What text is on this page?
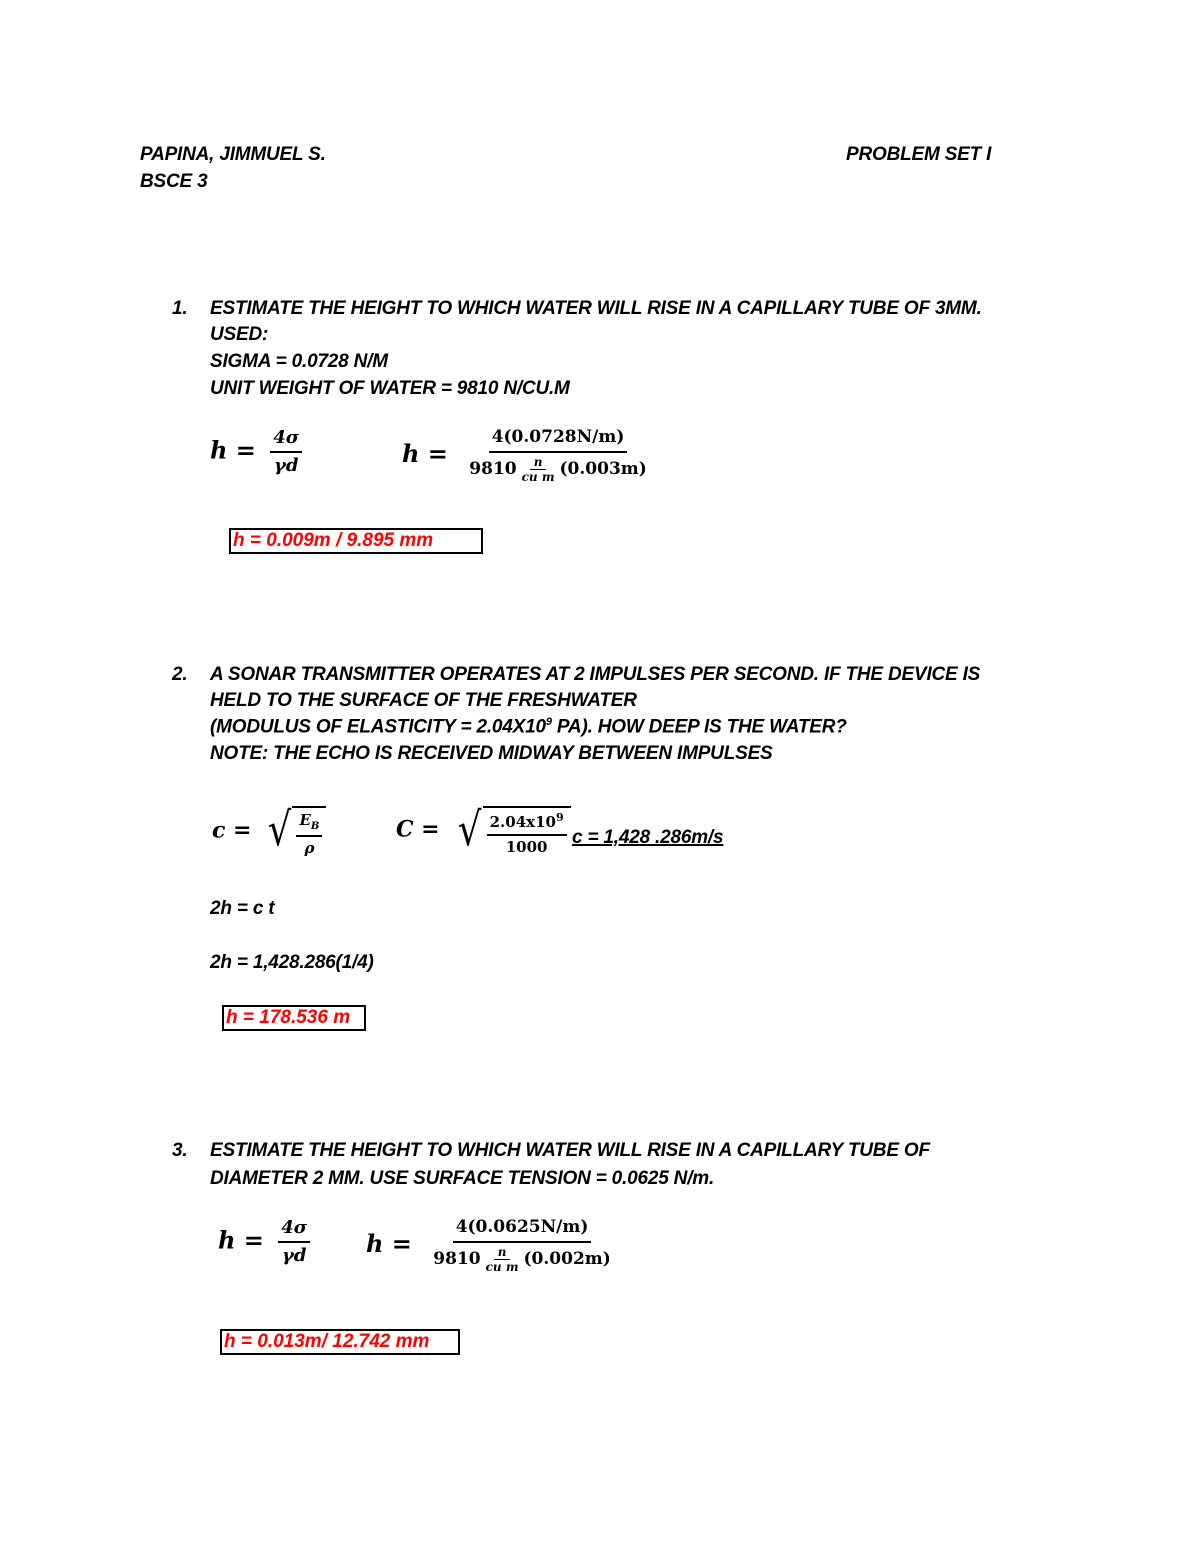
PAPINA, JIMMUEL S.
BSCE 3
PROBLEM SET I
1. ESTIMATE THE HEIGHT TO WHICH WATER WILL RISE IN A CAPILLARY TUBE OF 3MM.
USED:
SIGMA = 0.0728 N/M
UNIT WEIGHT OF WATER = 9810 N/CU.M
$h = \frac{4\sigma}{\gamma d}$	$h = \frac{4(0.0728N/m)}{9810 \frac{n}{\text{cu m}} (0.003m)}$
h = 0.009m / 9.895 mm
2. A SONAR TRANSMITTER OPERATES AT 2 IMPULSES PER SECOND. IF THE DEVICE IS
HELD TO THE SURFACE OF THE FRESHWATER
(MODULUS OF ELASTICITY = $2.04X10^9$ PA). HOW DEEP IS THE WATER?
NOTE: THE ECHO IS RECEIVED MIDWAY BETWEEN IMPULSES
c = √ $\frac{E_B}{\rho}$	C = √ $\frac{2.04x10^9}{1000}$ c = 1,428 .286m/s
2h = c t
2h = 1,428.286(1/4)
h = 178.536 m
3. ESTIMATE THE HEIGHT TO WHICH WATER WILL RISE IN A CAPILLARY TUBE OF
DIAMETER 2 MM. USE SURFACE TENSION = 0.0625 N/m.
$h = \frac{4\sigma}{\gamma d}$ $h = \frac{4(0.0625N/m)}{9810 \frac{n}{\text{cu m}} (0.002m)}$
h = 0.013m/ 12.742 mm
